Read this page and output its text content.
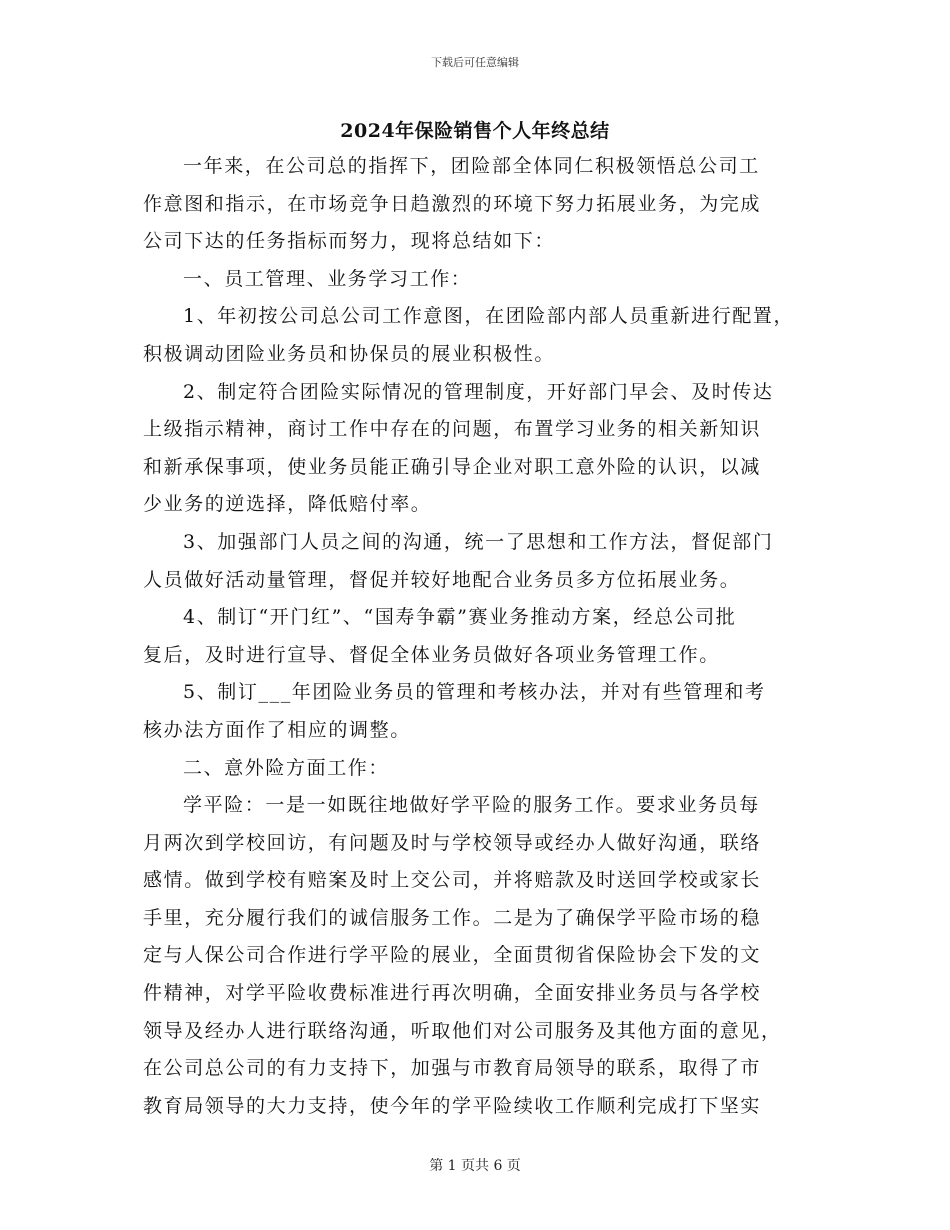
下载后可任意编辑
2024年保险销售个人年终总结
一年来，在公司总的指挥下，团险部全体同仁积极领悟总公司工
作意图和指示，在市场竞争日趋激烈的环境下努力拓展业务，为完成
公司下达的任务指标而努力，现将总结如下：
一、员工管理、业务学习工作：
1、年初按公司总公司工作意图，在团险部内部人员重新进行配置，
积极调动团险业务员和协保员的展业积极性。
2、制定符合团险实际情况的管理制度，开好部门早会、及时传达
上级指示精神，商讨工作中存在的问题，布置学习业务的相关新知识
和新承保事项，使业务员能正确引导企业对职工意外险的认识，以减
少业务的逆选择，降低赔付率。
3、加强部门人员之间的沟通，统一了思想和工作方法，督促部门
人员做好活动量管理，督促并较好地配合业务员多方位拓展业务。
4、制订“开门红”、“国寿争霸”赛业务推动方案，经总公司批
复后，及时进行宣导、督促全体业务员做好各项业务管理工作。
5、制订___年团险业务员的管理和考核办法，并对有些管理和考
核办法方面作了相应的调整。
二、意外险方面工作：
学平险：一是一如既往地做好学平险的服务工作。要求业务员每
月两次到学校回访，有问题及时与学校领导或经办人做好沟通，联络
感情。做到学校有赔案及时上交公司，并将赔款及时送回学校或家长
手里，充分履行我们的诚信服务工作。二是为了确保学平险市场的稳
定与人保公司合作进行学平险的展业，全面贯彻省保险协会下发的文
件精神，对学平险收费标准进行再次明确，全面安排业务员与各学校
领导及经办人进行联络沟通，听取他们对公司服务及其他方面的意见，
在公司总公司的有力支持下，加强与市教育局领导的联系，取得了市
教育局领导的大力支持，使今年的学平险续收工作顺利完成打下坚实
第 1 页共 6 页
